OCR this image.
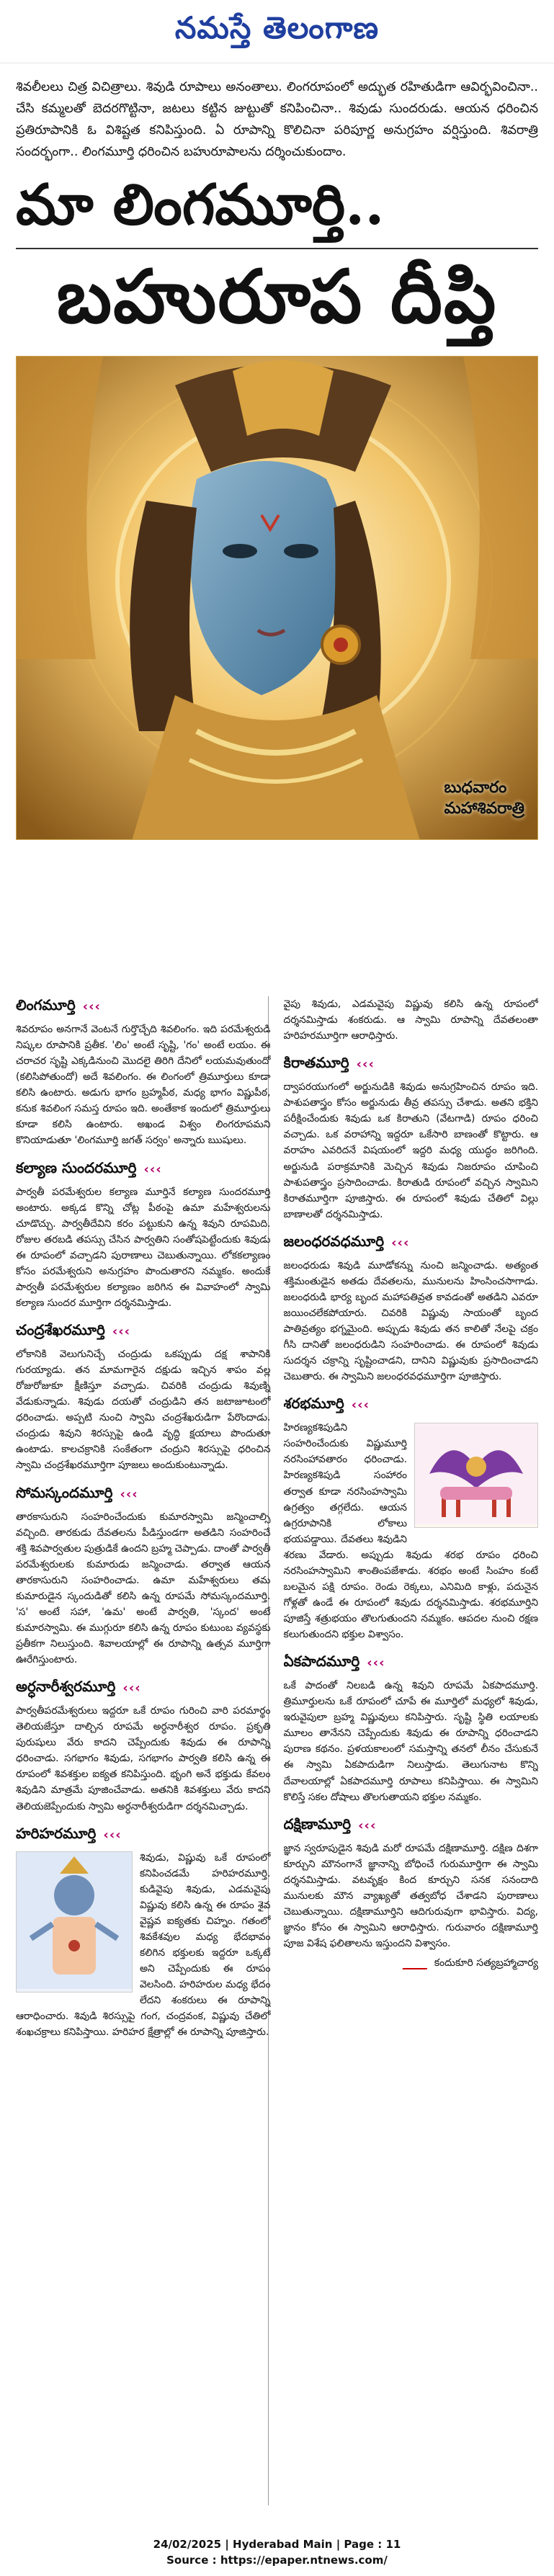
నమస్తే తెలంగాణ
శివలీలలు చిత్ర విచిత్రాలు. శివుడి రూపాలు అనంతాలు. లింగరూపంలో అద్భుత రహితుడిగా ఆవిర్భవించినా.. చేసి కమ్మలతో బెదరగొట్టినా, జటలు కట్టిన జుట్టుతో కనిపించినా.. శివుడు సుందరుడు. ఆయన ధరించిన ప్రతిరూపానికి ఓ విశిష్టత కనిపిస్తుంది. ఏ రూపాన్ని కొలిచినా పరిపూర్ణ అనుగ్రహం వర్షిస్తుంది. శివరాత్రి సందర్భంగా.. లింగమూర్తి ధరించిన బహురూపాలను దర్శించుకుందాం.
మా లింగమూర్తి..
బహురూప దీప్తి
బుధవారం
మహాశివరాత్రి
లింగమూర్తి ‹‹‹
శివరూపం అనగానే వెంటనే గుర్తొచ్చేది శివలింగం. ఇది పరమేశ్వరుడి నిష్కల రూపానికి ప్రతీక. 'లిం' అంటే సృష్టి, 'గం' అంటే లయం. ఈ చరాచర సృష్టి ఎక్కడినుంచి మొదలై తిరిగి దేనిలో లయమవుతుందో (కలిసిపోతుందో) అదే శివలింగం. ఈ లింగంలో త్రిమూర్తులు కూడా కలిసి ఉంటారు. అడుగు భాగం బ్రహ్మపీఠ, మధ్య భాగం విష్ణుపీఠ, కనుక శివలింగ సమస్త రూపం ఇది. అంతేకాక ఇందులో త్రిమూర్తులు కూడా కలిసి ఉంటారు. అఖండ విశ్వం లింగరూపమని కొనియాడుతూ 'లింగమూర్తి జగత్ సర్వం' అన్నారు ఋషులు.
కల్యాణ సుందరమూర్తి ‹‹‹
పార్వతీ పరమేశ్వరుల కల్యాణ మూర్తినే కల్యాణ సుందరమూర్తి అంటారు. అక్కడ కొన్ని చోట్ల పీఠంపై ఉమా మహేశ్వరులను చూడొచ్చు. పార్వతీదేవిని కరం పట్టుకుని ఉన్న శివుని రూపమిది. రోజుల తరబడి తపస్సు చేసిన పార్వతిని సంతోషపెట్టేందుకు శివుడు ఈ రూపంలో వచ్చాడని పురాణాలు చెబుతున్నాయి. లోకకల్యాణం కోసం పరమేశ్వరుని అనుగ్రహం పొందుతారని నమ్మకం. అందుకే పార్వతీ పరమేశ్వరుల కల్యాణం జరిగిన ఈ వివాహంలో స్వామి కల్యాణ సుందర మూర్తిగా దర్శనమిస్తాడు.
చంద్రశేఖరమూర్తి ‹‹‹
లోకానికి వెలుగునిచ్చే చంద్రుడు ఒకప్పుడు దక్ష శాపానికి గురయ్యాడు. తన మామగారైన దక్షుడు ఇచ్చిన శాపం వల్ల రోజురోజుకూ క్షీణిస్తూ వచ్చాడు. చివరికి చంద్రుడు శివుణ్ని వేడుకున్నాడు. శివుడు దయతో చంద్రుడిని తన జటాజూటంలో ధరించాడు. అప్పటి నుంచి స్వామి చంద్రశేఖరుడిగా పేరొందాడు. చంద్రుడు శివుని శిరస్సుపై ఉండి వృద్ధి క్షయాలు పొందుతూ ఉంటాడు. కాలచక్రానికి సంకేతంగా చంద్రుని శిరస్సుపై ధరించిన స్వామి చంద్రశేఖరమూర్తిగా పూజలు అందుకుంటున్నాడు.
సోమస్కందమూర్తి ‹‹‹
తారకాసురుని సంహరించేందుకు కుమారస్వామి జన్మించాల్సి వచ్చింది. తారకుడు దేవతలను పీడిస్తుండగా అతడిని సంహరించే శక్తి శివపార్వతుల పుత్రుడికే ఉందని బ్రహ్మ చెప్పాడు. దాంతో పార్వతీ పరమేశ్వరులకు కుమారుడు జన్మించాడు. తర్వాత ఆయన తారకాసురుని సంహరించాడు. ఉమా మహేశ్వరులు తమ కుమారుడైన స్కందుడితో కలిసి ఉన్న రూపమే సోమస్కందమూర్తి. 'స' అంటే సహా, 'ఉమ' అంటే పార్వతి, 'స్కంద' అంటే కుమారస్వామి. ఈ ముగ్గురూ కలిసి ఉన్న రూపం కుటుంబ వ్యవస్థకు ప్రతీకగా నిలుస్తుంది. శివాలయాల్లో ఈ రూపాన్ని ఉత్సవ మూర్తిగా ఊరేగిస్తుంటారు.
అర్ధనారీశ్వరమూర్తి ‹‹‹
పార్వతీపరమేశ్వరులు ఇద్దరూ ఒకే రూపం గురించి వారి పరమార్థం తెలియజేస్తూ దాల్చిన రూపమే అర్ధనారీశ్వర రూపం. ప్రకృతి పురుషులు వేరు కాదని చెప్పేందుకు శివుడు ఈ రూపాన్ని ధరించాడు. సగభాగం శివుడు, సగభాగం పార్వతి కలిసి ఉన్న ఈ రూపంలో శివశక్తుల ఐక్యత కనిపిస్తుంది. భృంగి అనే భక్తుడు కేవలం శివుడిని మాత్రమే పూజించేవాడు. అతనికి శివశక్తులు వేరు కాదని తెలియజెప్పేందుకు స్వామి అర్ధనారీశ్వరుడిగా దర్శనమిచ్చాడు.
హరిహరమూర్తి ‹‹‹
శివుడు, విష్ణువు ఒకే రూపంలో కనిపించడమే హరిహరమూర్తి. కుడివైపు శివుడు, ఎడమవైపు విష్ణువు కలిసి ఉన్న ఈ రూపం శైవ వైష్ణవ ఐక్యతకు చిహ్నం. గతంలో శివకేశవుల మధ్య భేదభావం కలిగిన భక్తులకు ఇద్దరూ ఒక్కటే అని చెప్పేందుకు ఈ రూపం వెలసింది. హరిహరుల మధ్య భేదం లేదని శంకరులు ఈ రూపాన్ని ఆరాధించారు. శివుడి శిరస్సుపై గంగ, చంద్రవంక, విష్ణువు చేతిలో శంఖచక్రాలు కనిపిస్తాయి. హరిహర క్షేత్రాల్లో ఈ రూపాన్ని పూజిస్తారు.
వైపు శివుడు, ఎడమవైపు విష్ణువు కలిసి ఉన్న రూపంలో దర్శనమిస్తాడు శంకరుడు. ఆ స్వామి రూపాన్ని దేవతలంతా హరిహరమూర్తిగా ఆరాధిస్తారు.
కిరాతమూర్తి ‹‹‹
ద్వాపరయుగంలో అర్జునుడికి శివుడు అనుగ్రహించిన రూపం ఇది. పాశుపతాస్త్రం కోసం అర్జునుడు తీవ్ర తపస్సు చేశాడు. అతని భక్తిని పరీక్షించేందుకు శివుడు ఒక కిరాతుని (వేటగాడి) రూపం ధరించి వచ్చాడు. ఒక వరాహాన్ని ఇద్దరూ ఒకేసారి బాణంతో కొట్టారు. ఆ వరాహం ఎవరిదనే విషయంలో ఇద్దరి మధ్య యుద్ధం జరిగింది. అర్జునుడి పరాక్రమానికి మెచ్చిన శివుడు నిజరూపం చూపించి పాశుపతాస్త్రం ప్రసాదించాడు. కిరాతుడి రూపంలో వచ్చిన స్వామిని కిరాతమూర్తిగా పూజిస్తారు. ఈ రూపంలో శివుడు చేతిలో విల్లు బాణాలతో దర్శనమిస్తాడు.
జలంధరవధమూర్తి ‹‹‹
జలంధరుడు శివుడి మూడోకన్ను నుంచి జన్మించాడు. అత్యంత శక్తిమంతుడైన అతడు దేవతలను, మునులను హింసించసాగాడు. జలంధరుడి భార్య బృంద మహాపతివ్రత కావడంతో అతడిని ఎవరూ జయించలేకపోయారు. చివరికి విష్ణువు సాయంతో బృంద పాతివ్రత్యం భగ్నమైంది. అప్పుడు శివుడు తన కాలితో నేలపై చక్రం గీసి దానితో జలంధరుడిని సంహరించాడు. ఈ రూపంలో శివుడు సుదర్శన చక్రాన్ని సృష్టించాడని, దానిని విష్ణువుకు ప్రసాదించాడని చెబుతారు. ఈ స్వామిని జలంధరవధమూర్తిగా పూజిస్తారు.
శరభమూర్తి ‹‹‹
హిరణ్యకశిపుడిని సంహరించేందుకు విష్ణుమూర్తి నరసింహావతారం ధరించాడు. హిరణ్యకశిపుడి సంహారం తర్వాత కూడా నరసింహస్వామి ఉగ్రత్వం తగ్గలేదు. ఆయన ఉగ్రరూపానికి లోకాలు భయపడ్డాయి. దేవతలు శివుడిని శరణు వేడారు. అప్పుడు శివుడు శరభ రూపం ధరించి నరసింహస్వామిని శాంతింపజేశాడు. శరభం అంటే సింహం కంటే బలమైన పక్షి రూపం. రెండు రెక్కలు, ఎనిమిది కాళ్లు, పదునైన గోళ్లతో ఉండే ఈ రూపంలో శివుడు దర్శనమిస్తాడు. శరభమూర్తిని పూజిస్తే శత్రుభయం తొలగుతుందని నమ్మకం. ఆపదల నుంచి రక్షణ కలుగుతుందని భక్తుల విశ్వాసం.
ఏకపాదమూర్తి ‹‹‹
ఒకే పాదంతో నిలబడి ఉన్న శివుని రూపమే ఏకపాదమూర్తి. త్రిమూర్తులను ఒకే రూపంలో చూపే ఈ మూర్తిలో మధ్యలో శివుడు, ఇరువైపులా బ్రహ్మ విష్ణువులు కనిపిస్తారు. సృష్టి స్థితి లయాలకు మూలం తానేనని చెప్పేందుకు శివుడు ఈ రూపాన్ని ధరించాడని పురాణ కథనం. ప్రళయకాలంలో సమస్తాన్ని తనలో లీనం చేసుకునే ఈ స్వామి ఏకపాదుడిగా నిలుస్తాడు. తెలుగునాట కొన్ని దేవాలయాల్లో ఏకపాదమూర్తి రూపాలు కనిపిస్తాయి. ఈ స్వామిని కొలిస్తే సకల దోషాలు తొలగుతాయని భక్తుల నమ్మకం.
దక్షిణామూర్తి ‹‹‹
జ్ఞాన స్వరూపుడైన శివుడి మరో రూపమే దక్షిణామూర్తి. దక్షిణ దిశగా కూర్చుని మౌనంగానే జ్ఞానాన్ని బోధించే గురుమూర్తిగా ఈ స్వామి దర్శనమిస్తాడు. వటవృక్షం కింద కూర్చుని సనక సనందాది మునులకు మౌన వ్యాఖ్యతో తత్వబోధ చేశాడని పురాణాలు చెబుతున్నాయి. దక్షిణామూర్తిని ఆదిగురువుగా భావిస్తారు. విద్య, జ్ఞానం కోసం ఈ స్వామిని ఆరాధిస్తారు. గురువారం దక్షిణామూర్తి పూజ విశేష ఫలితాలను ఇస్తుందని విశ్వాసం.
కందుకూరి సత్యబ్రహ్మాచార్య
24/02/2025 | Hyderabad Main | Page : 11
Source : https://epaper.ntnews.com/
